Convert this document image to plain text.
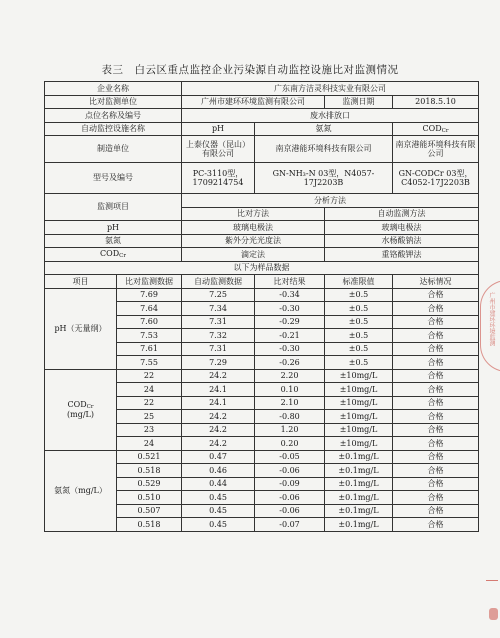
表三　白云区重点监控企业污染源自动监控设施比对监测情况
企业名称		广东南方洁灵科技实业有限公司			
比对监测单位		广州市建环环境监测有限公司		监测日期	2018.5.10
点位名称及编号		废水排放口			
自动监控设施名称		pH	氨氮		CODCr
制造单位		上泰仪器（昆山）有限公司	南京港能环境科技有限公司		南京港能环境科技有限公司
型号及编号		PC-3110型，1709214754	GN-NH₃-N 03型，N4057-17J2203B		GN-CODCr 03型，C4052-17J2203B
监测项目		分析方法			
		比对方法		自动监测方法	
pH		玻璃电极法		玻璃电极法	
氨氮		紫外分光光度法		水杨酸钠法	
CODCr		滴定法		重铬酸钾法	
以下为样品数据					
项目	比对监测数据	自动监测数据	比对结果	标准限值	达标情况
pH（无量纲）	7.69	7.25	-0.34	±0.5	合格
	7.64	7.34	-0.30	±0.5	合格
	7.60	7.31	-0.29	±0.5	合格
	7.53	7.32	-0.21	±0.5	合格
	7.61	7.31	-0.30	±0.5	合格
	7.55	7.29	-0.26	±0.5	合格
CODCr
(mg/L)	22	24.2	2.20	±10mg/L	合格
	24	24.1	0.10	±10mg/L	合格
	22	24.1	2.10	±10mg/L	合格
	25	24.2	-0.80	±10mg/L	合格
	23	24.2	1.20	±10mg/L	合格
	24	24.2	0.20	±10mg/L	合格
氨氮（mg/L）	0.521	0.47	-0.05	±0.1mg/L	合格
	0.518	0.46	-0.06	±0.1mg/L	合格
	0.529	0.44	-0.09	±0.1mg/L	合格
	0.510	0.45	-0.06	±0.1mg/L	合格
	0.507	0.45	-0.06	±0.1mg/L	合格
	0.518	0.45	-0.07	±0.1mg/L	合格
广州市建环环境监测
